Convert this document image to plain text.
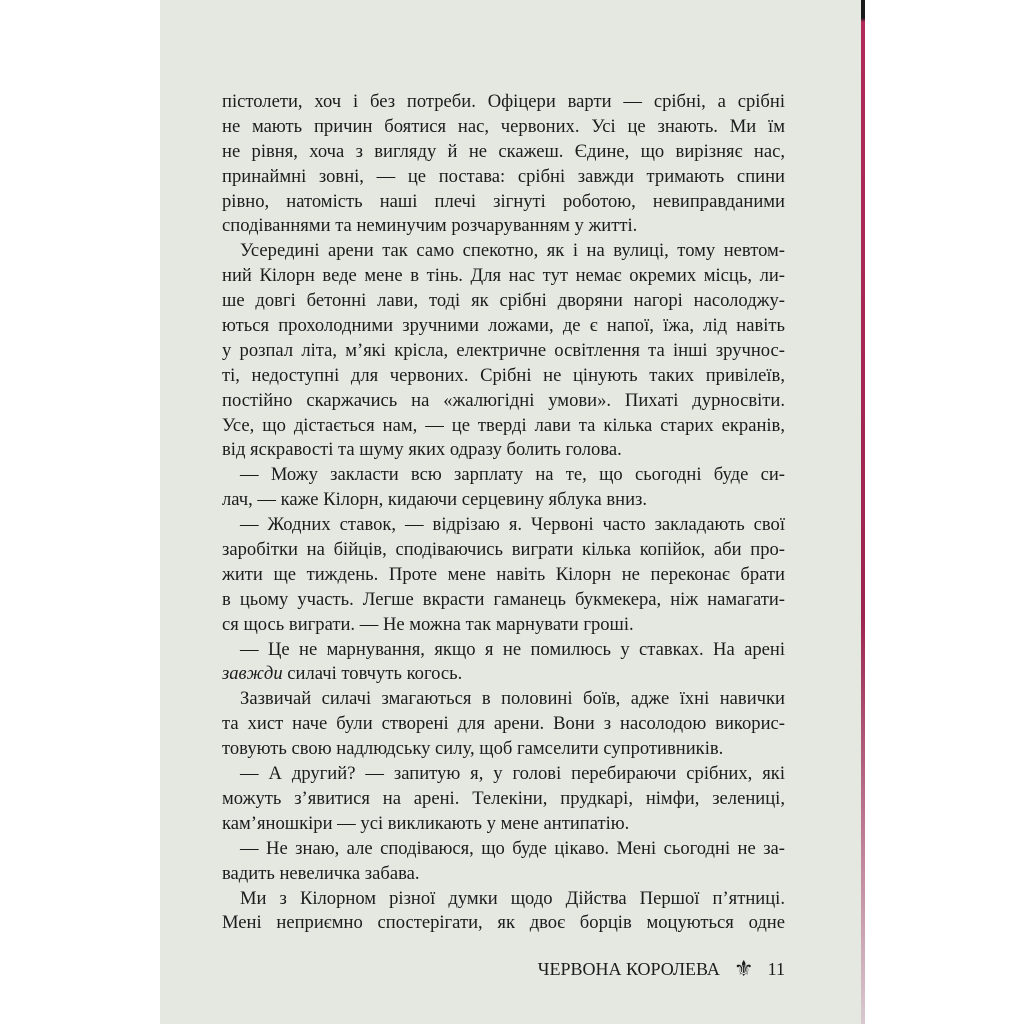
пістолети, хоч і без потреби. Офіцери варти — срібні, а срібні
не мають причин боятися нас, червоних. Усі це знають. Ми їм
не рівня, хоча з вигляду й не скажеш. Єдине, що вирізняє нас,
принаймні зовні, — це постава: срібні завжди тримають спини
рівно, натомість наші плечі зігнуті роботою, невиправданими
сподіваннями та неминучим розчаруванням у житті.
Усередині арени так само спекотно, як і на вулиці, тому невтом-
ний Кілорн веде мене в тінь. Для нас тут немає окремих місць, ли-
ше довгі бетонні лави, тоді як срібні дворяни нагорі насолоджу-
ються прохолодними зручними ложами, де є напої, їжа, лід навіть
у розпал літа, м’які крісла, електричне освітлення та інші зручнос-
ті, недоступні для червоних. Срібні не цінують таких привілеїв,
постійно скаржачись на «жалюгідні умови». Пихаті дурносвіти.
Усе, що дістається нам, — це тверді лави та кілька старих екранів,
від яскравості та шуму яких одразу болить голова.
— Можу закласти всю зарплату на те, що сьогодні буде си-
лач, — каже Кілорн, кидаючи серцевину яблука вниз.
— Жодних ставок, — відрізаю я. Червоні часто закладають свої
заробітки на бійців, сподіваючись виграти кілька копійок, аби про-
жити ще тиждень. Проте мене навіть Кілорн не переконає брати
в цьому участь. Легше вкрасти гаманець букмекера, ніж намагати-
ся щось виграти. — Не можна так марнувати гроші.
— Це не марнування, якщо я не помилюсь у ставках. На арені
завжди силачі товчуть когось.
Зазвичай силачі змагаються в половині боїв, адже їхні навички
та хист наче були створені для арени. Вони з насолодою викорис-
товують свою надлюдську силу, щоб гамселити супротивників.
— А другий? — запитую я, у голові перебираючи срібних, які
можуть з’явитися на арені. Телекіни, прудкарі, німфи, зелениці,
кам’яношкіри — усі викликають у мене антипатію.
— Не знаю, але сподіваюся, що буде цікаво. Мені сьогодні не за-
вадить невеличка забава.
Ми з Кілорном різної думки щодо Дійства Першої п’ятниці.
Мені неприємно спостерігати, як двоє борців моцуються одне
ЧЕРВОНА КОРОЛЕВА ⚜ 11
